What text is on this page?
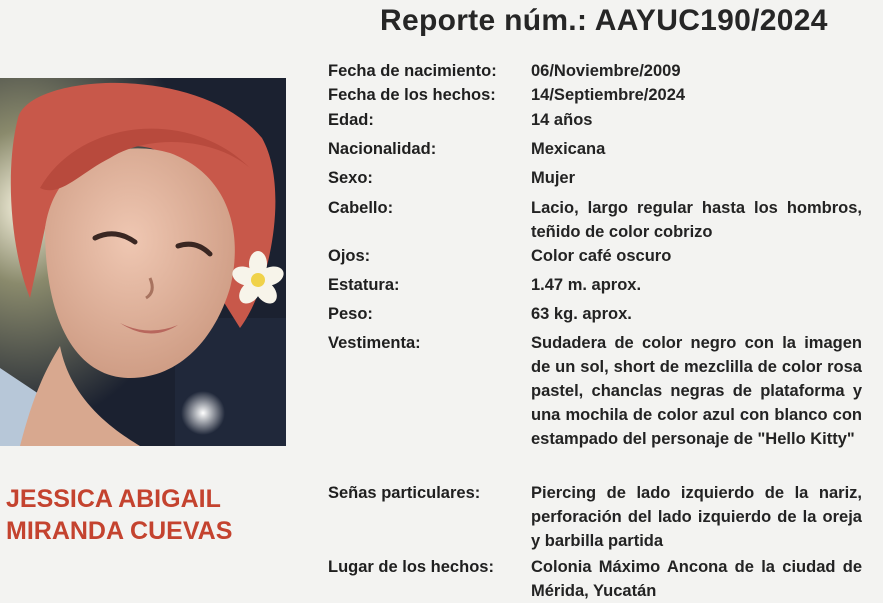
Reporte núm.: AAYUC190/2024
JESSICA ABIGAIL
MIRANDA CUEVAS
Fecha de nacimiento:	06/Noviembre/2009
Fecha de los hechos:	14/Septiembre/2024
Edad:	14 años
Nacionalidad:	Mexicana
Sexo:	Mujer
Cabello:	Lacio, largo regular hasta los hombros, teñido de color cobrizo
Ojos:	Color café oscuro
Estatura:	1.47 m. aprox.
Peso:	63 kg. aprox.
Vestimenta:	Sudadera de color negro con la imagen de un sol, short de mezclilla de color rosa pastel, chanclas negras de plataforma y una mochila de color azul con blanco con estampado del personaje de "Hello Kitty"
Señas particulares:	Piercing de lado izquierdo de la nariz, perforación del lado izquierdo de la oreja y barbilla partida
Lugar de los hechos:	Colonia Máximo Ancona de la ciudad de Mérida, Yucatán
